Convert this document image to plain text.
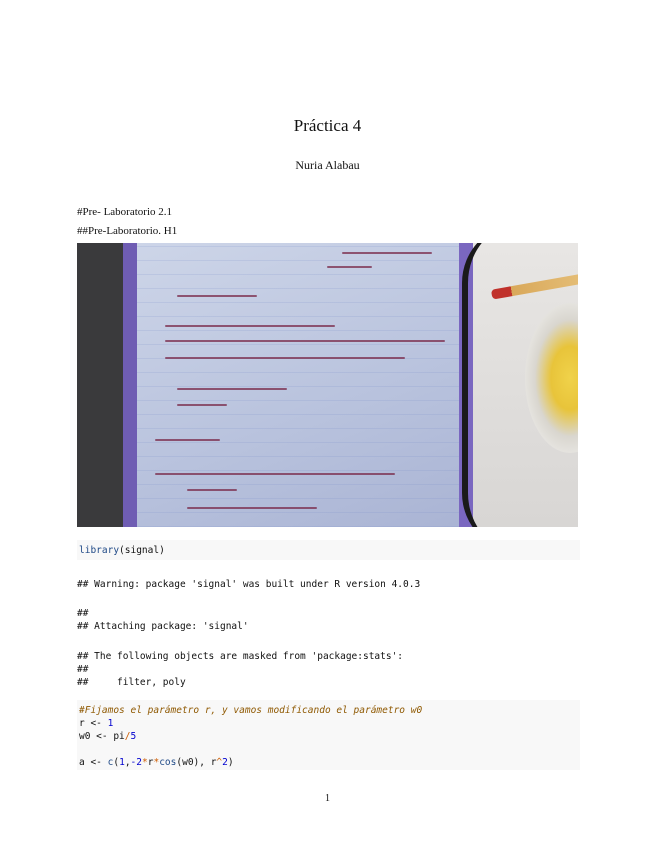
Práctica 4
Nuria Alabau
#Pre- Laboratorio 2.1
##Pre-Laboratorio. H1
library(signal)
## Warning: package 'signal' was built under R version 4.0.3
##
## Attaching package: 'signal'
## The following objects are masked from 'package:stats':
##
##     filter, poly
#Fijamos el parámetro r, y vamos modificando el parámetro w0
r <- 1
w0 <- pi/5

a <- c(1,-2*r*cos(w0), r^2)
1
